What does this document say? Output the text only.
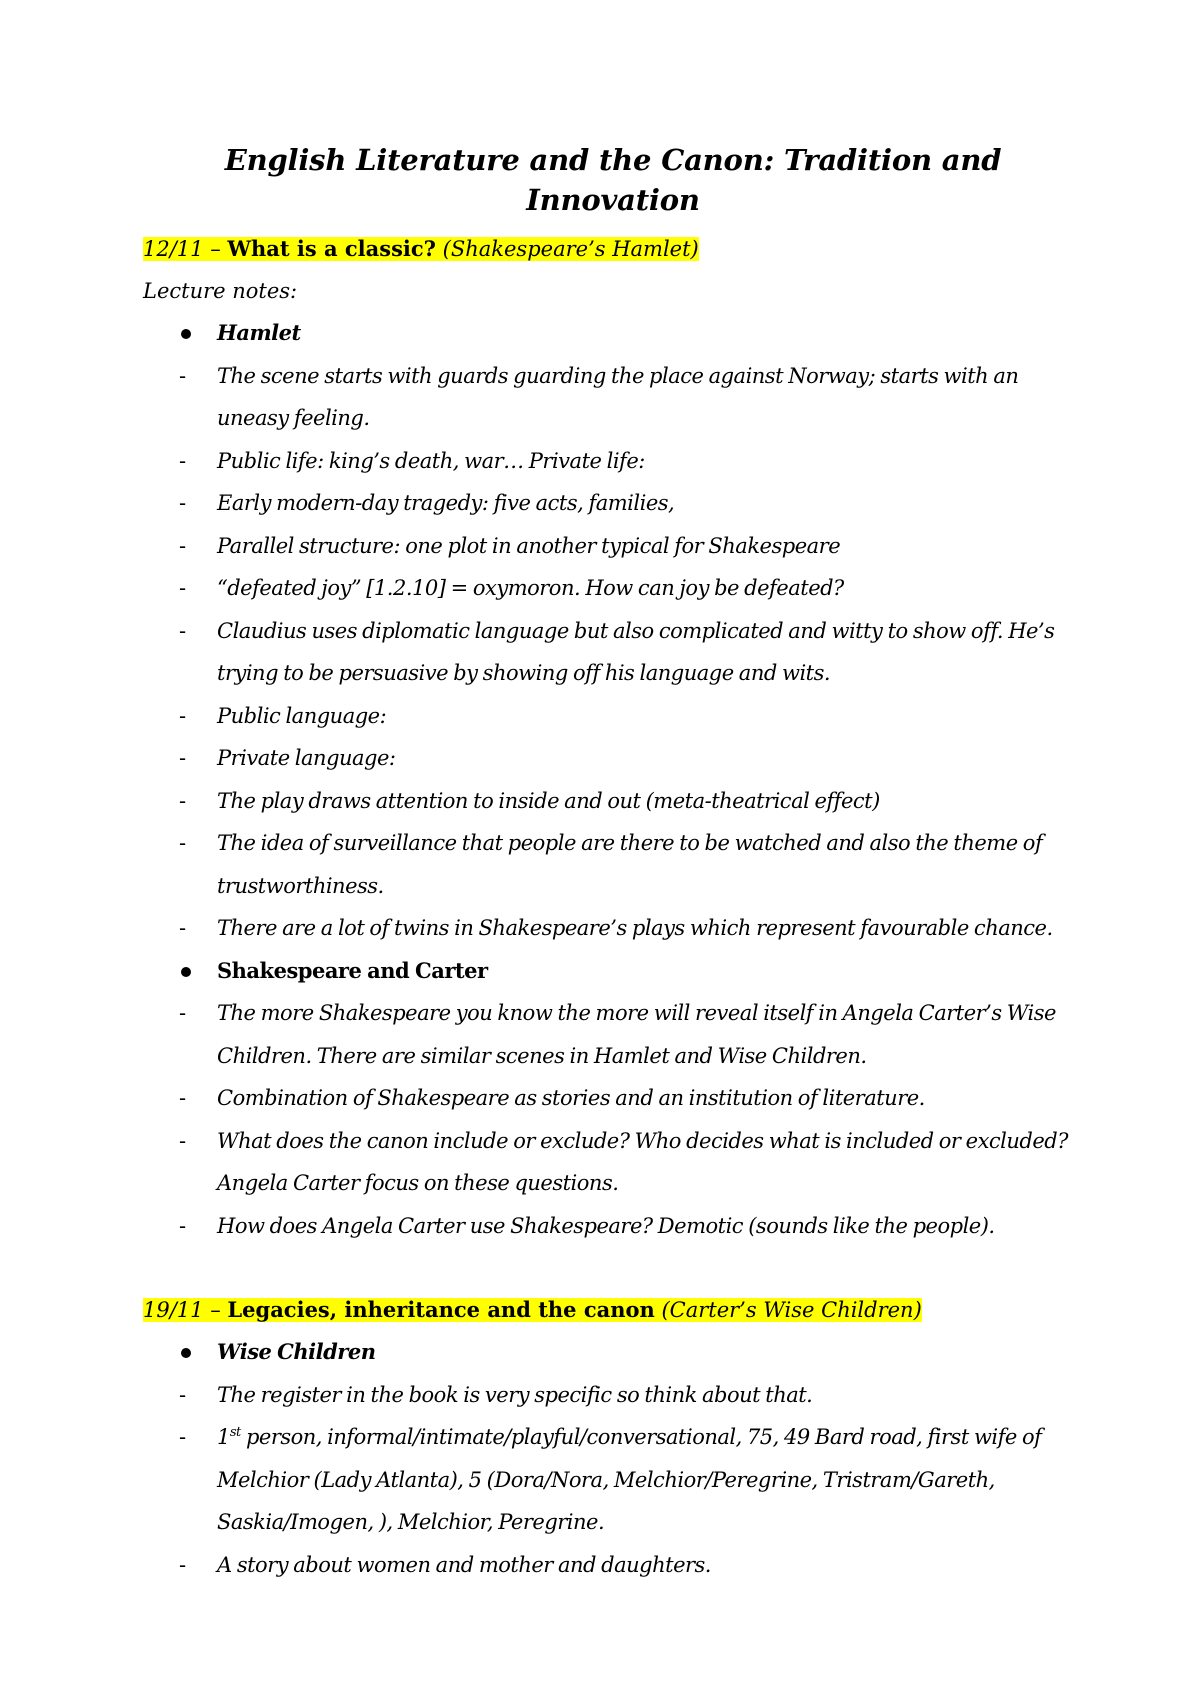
English Literature and the Canon: Tradition and Innovation

12/11 – What is a classic? (Shakespeare’s Hamlet)

Lecture notes:

Hamlet
- The scene starts with guards guarding the place against Norway; starts with an uneasy feeling.
- Public life: king’s death, war… Private life:
- Early modern-day tragedy: five acts, families,
- Parallel structure: one plot in another typical for Shakespeare
- “defeated joy” [1.2.10] = oxymoron. How can joy be defeated?
- Claudius uses diplomatic language but also complicated and witty to show off. He’s trying to be persuasive by showing off his language and wits.
- Public language:
- Private language:
- The play draws attention to inside and out (meta-theatrical effect)
- The idea of surveillance that people are there to be watched and also the theme of trustworthiness.
- There are a lot of twins in Shakespeare’s plays which represent favourable chance.
Shakespeare and Carter
- The more Shakespeare you know the more will reveal itself in Angela Carter’s Wise Children. There are similar scenes in Hamlet and Wise Children.
- Combination of Shakespeare as stories and an institution of literature.
- What does the canon include or exclude? Who decides what is included or excluded? Angela Carter focus on these questions.
- How does Angela Carter use Shakespeare? Demotic (sounds like the people).

19/11 – Legacies, inheritance and the canon (Carter’s Wise Children)

Wise Children
- The register in the book is very specific so think about that.
- 1st person, informal/intimate/playful/conversational, 75, 49 Bard road, first wife of Melchior (Lady Atlanta), 5 (Dora/Nora, Melchior/Peregrine, Tristram/Gareth, Saskia/Imogen, ), Melchior, Peregrine.
- A story about women and mother and daughters.
